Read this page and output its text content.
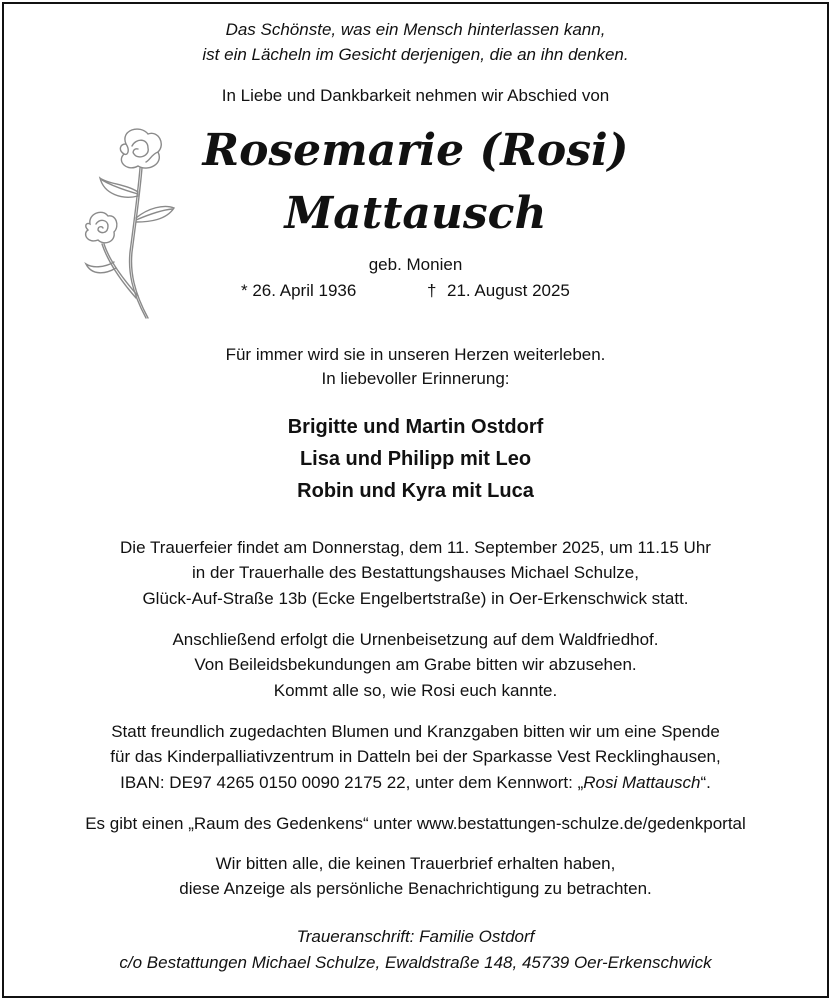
Das Schönste, was ein Mensch hinterlassen kann,
ist ein Lächeln im Gesicht derjenigen, die an ihn denken.
In Liebe und Dankbarkeit nehmen wir Abschied von
Rosemarie (Rosi)
Mattausch
geb. Monien
* 26. April 1936	† 21. August 2025
Für immer wird sie in unseren Herzen weiterleben.
In liebevoller Erinnerung:
Brigitte und Martin Ostdorf
Lisa und Philipp mit Leo
Robin und Kyra mit Luca
Die Trauerfeier findet am Donnerstag, dem 11. September 2025, um 11.15 Uhr
in der Trauerhalle des Bestattungshauses Michael Schulze,
Glück-Auf-Straße 13b (Ecke Engelbertstraße) in Oer-Erkenschwick statt.
Anschließend erfolgt die Urnenbeisetzung auf dem Waldfriedhof.
Von Beileidsbekundungen am Grabe bitten wir abzusehen.
Kommt alle so, wie Rosi euch kannte.
Statt freundlich zugedachten Blumen und Kranzgaben bitten wir um eine Spende
für das Kinderpalliativzentrum in Datteln bei der Sparkasse Vest Recklinghausen,
IBAN: DE97 4265 0150 0090 2175 22, unter dem Kennwort: „Rosi Mattausch“.
Es gibt einen „Raum des Gedenkens“ unter www.bestattungen-schulze.de/gedenkportal
Wir bitten alle, die keinen Trauerbrief erhalten haben,
diese Anzeige als persönliche Benachrichtigung zu betrachten.
Traueranschrift: Familie Ostdorf
c/o Bestattungen Michael Schulze, Ewaldstraße 148, 45739 Oer-Erkenschwick
